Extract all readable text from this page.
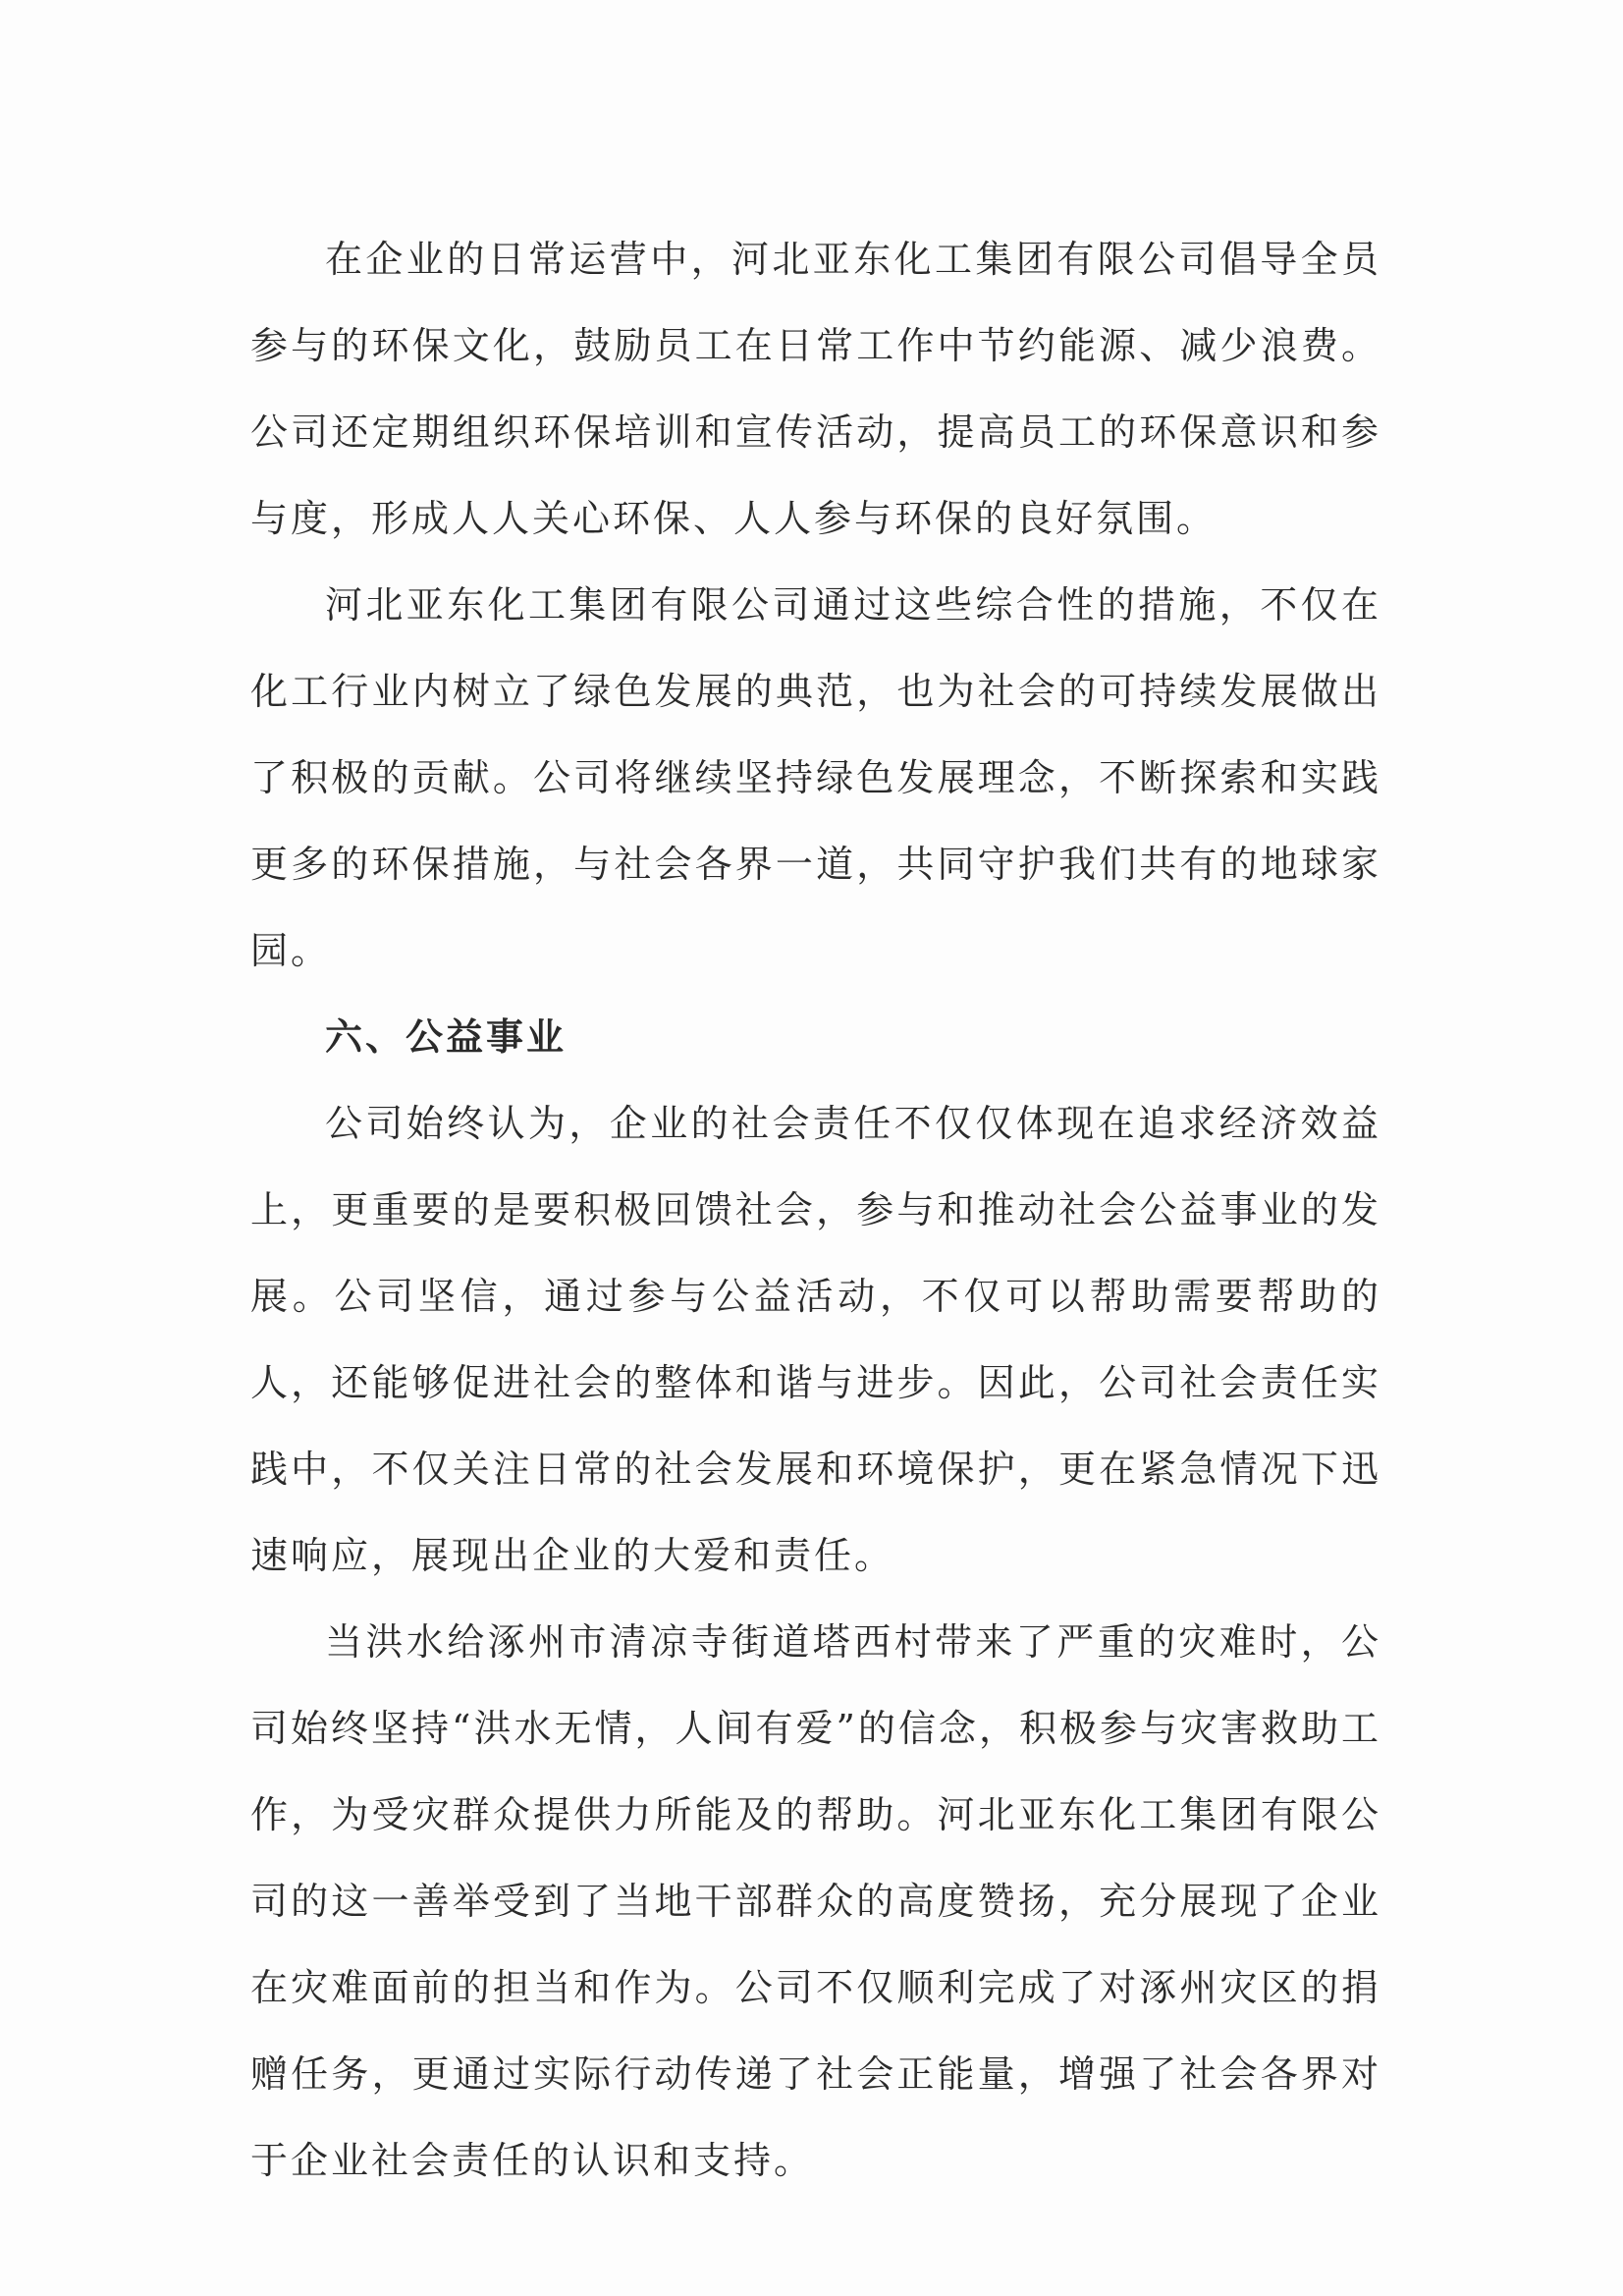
在企业的日常运营中，河北亚东化工集团有限公司倡导全员参与的环保文化，鼓励员工在日常工作中节约能源、减少浪费。公司还定期组织环保培训和宣传活动，提高员工的环保意识和参与度，形成人人关心环保、人人参与环保的良好氛围。

河北亚东化工集团有限公司通过这些综合性的措施，不仅在化工行业内树立了绿色发展的典范，也为社会的可持续发展做出了积极的贡献。公司将继续坚持绿色发展理念，不断探索和实践更多的环保措施，与社会各界一道，共同守护我们共有的地球家园。

六、公益事业

公司始终认为，企业的社会责任不仅仅体现在追求经济效益上，更重要的是要积极回馈社会，参与和推动社会公益事业的发展。公司坚信，通过参与公益活动，不仅可以帮助需要帮助的人，还能够促进社会的整体和谐与进步。因此，公司社会责任实践中，不仅关注日常的社会发展和环境保护，更在紧急情况下迅速响应，展现出企业的大爱和责任。

当洪水给涿州市清凉寺街道塔西村带来了严重的灾难时，公司始终坚持“洪水无情，人间有爱”的信念，积极参与灾害救助工作，为受灾群众提供力所能及的帮助。河北亚东化工集团有限公司的这一善举受到了当地干部群众的高度赞扬，充分展现了企业在灾难面前的担当和作为。公司不仅顺利完成了对涿州灾区的捐赠任务，更通过实际行动传递了社会正能量，增强了社会各界对于企业社会责任的认识和支持。
